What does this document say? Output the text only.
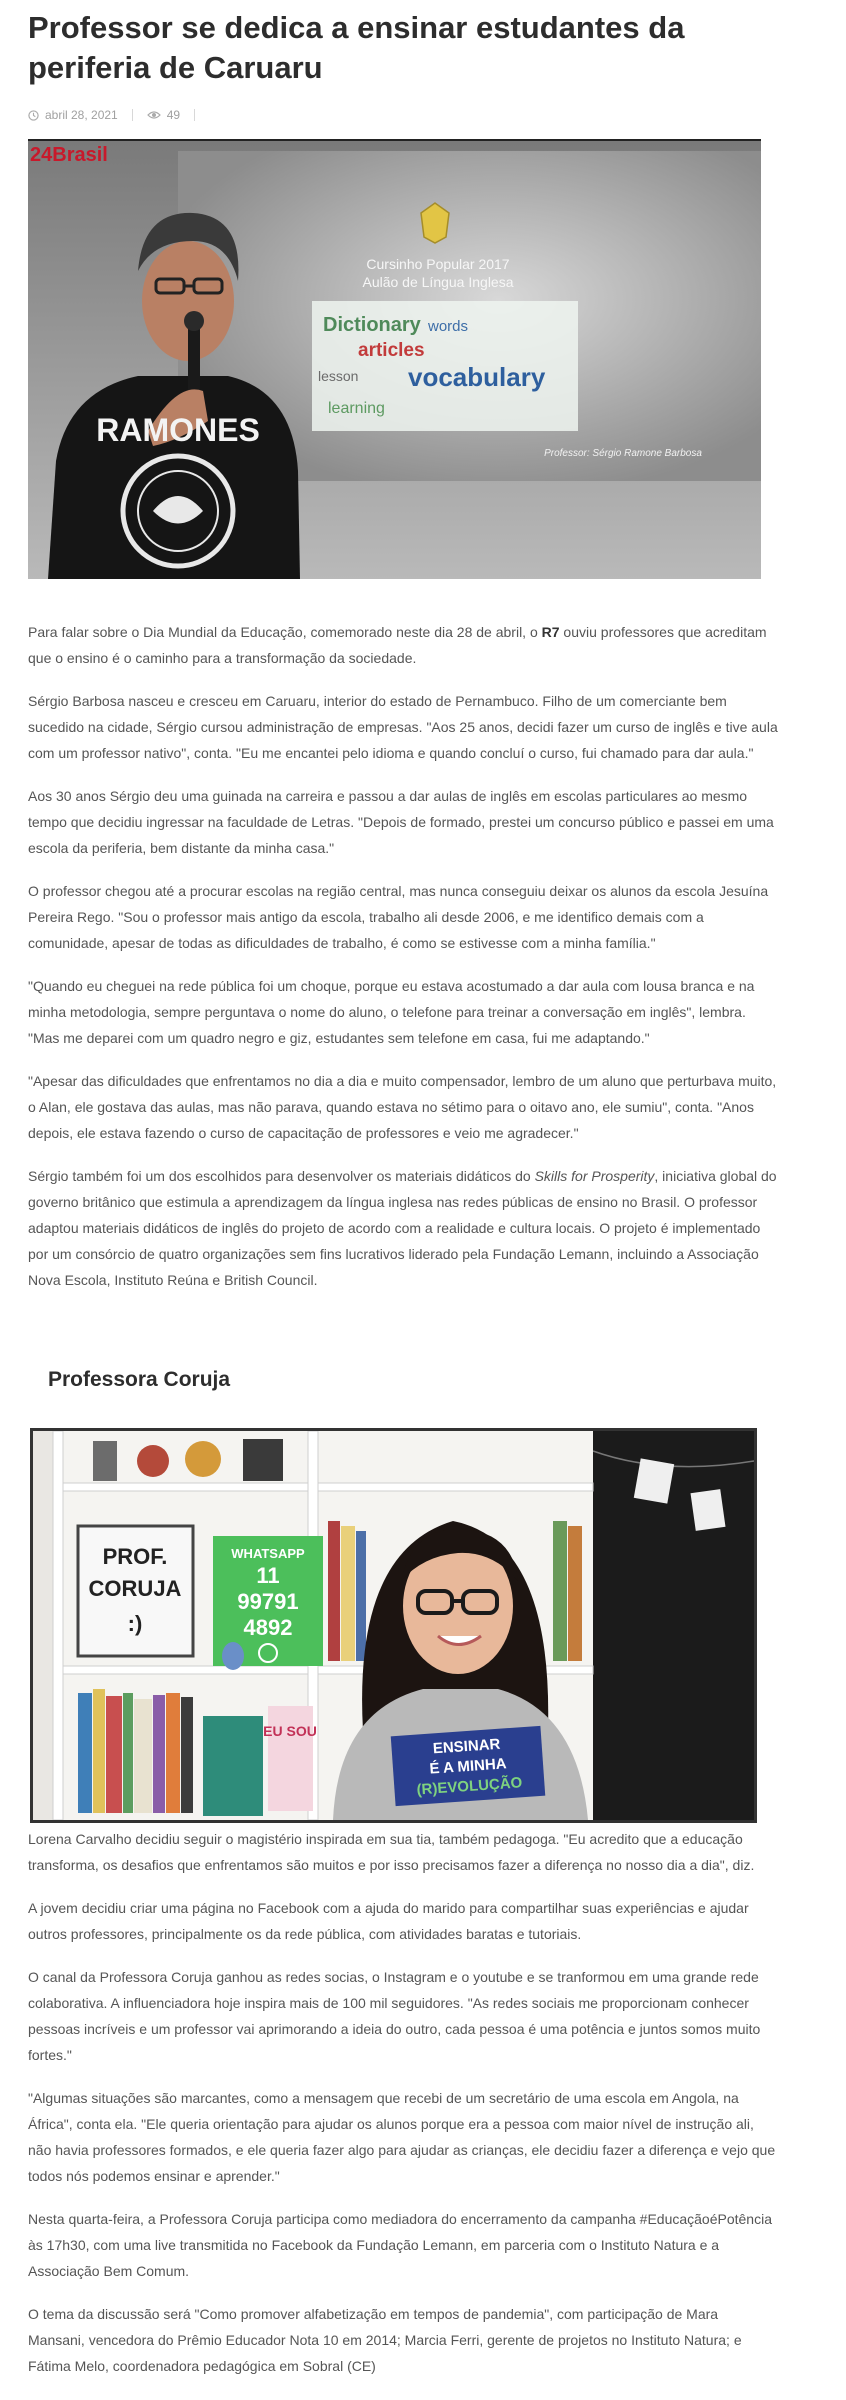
Professor se dedica a ensinar estudantes da periferia de Caruaru
abril 28, 2021	49
Cursinho Popular 2017
Aulão de Língua Inglesa
Dictionary words
articles
lesson vocabulary
learning
Professor: Sérgio Ramone Barbosa
RAMONES
24Brasil

Para falar sobre o Dia Mundial da Educação, comemorado neste dia 28 de abril, o R7 ouviu professores que acreditam que o ensino é o caminho para a transformação da sociedade.

Sérgio Barbosa nasceu e cresceu em Caruaru, interior do estado de Pernambuco. Filho de um comerciante bem sucedido na cidade, Sérgio cursou administração de empresas. "Aos 25 anos, decidi fazer um curso de inglês e tive aula com um professor nativo", conta. "Eu me encantei pelo idioma e quando concluí o curso, fui chamado para dar aula."

Aos 30 anos Sérgio deu uma guinada na carreira e passou a dar aulas de inglês em escolas particulares ao mesmo tempo que decidiu ingressar na faculdade de Letras. "Depois de formado, prestei um concurso público e passei em uma escola da periferia, bem distante da minha casa."

O professor chegou até a procurar escolas na região central, mas nunca conseguiu deixar os alunos da escola Jesuína Pereira Rego. "Sou o professor mais antigo da escola, trabalho ali desde 2006, e me identifico demais com a comunidade, apesar de todas as dificuldades de trabalho, é como se estivesse com a minha família."

"Quando eu cheguei na rede pública foi um choque, porque eu estava acostumado a dar aula com lousa branca e na minha metodologia, sempre perguntava o nome do aluno, o telefone para treinar a conversação em inglês", lembra. "Mas me deparei com um quadro negro e giz, estudantes sem telefone em casa, fui me adaptando."

"Apesar das dificuldades que enfrentamos no dia a dia e muito compensador, lembro de um aluno que perturbava muito, o Alan, ele gostava das aulas, mas não parava, quando estava no sétimo para o oitavo ano, ele sumiu", conta. "Anos depois, ele estava fazendo o curso de capacitação de professores e veio me agradecer."

Sérgio também foi um dos escolhidos para desenvolver os materiais didáticos do Skills for Prosperity, iniciativa global do governo britânico que estimula a aprendizagem da língua inglesa nas redes públicas de ensino no Brasil. O professor adaptou materiais didáticos de inglês do projeto de acordo com a realidade e cultura locais. O projeto é implementado por um consórcio de quatro organizações sem fins lucrativos liderado pela Fundação Lemann, incluindo a Associação Nova Escola, Instituto Reúna e British Council.

Professora Coruja
PROF.
CORUJA
:)
WHATSAPP
11
99791
4892
EU SOU
ENSINAR
É A MINHA
(R)EVOLUÇÃO

Lorena Carvalho decidiu seguir o magistério inspirada em sua tia, também pedagoga. "Eu acredito que a educação transforma, os desafios que enfrentamos são muitos e por isso precisamos fazer a diferença no nosso dia a dia", diz.

A jovem decidiu criar uma página no Facebook com a ajuda do marido para compartilhar suas experiências e ajudar outros professores, principalmente os da rede pública, com atividades baratas e tutoriais.

O canal da Professora Coruja ganhou as redes socias, o Instagram e o youtube e se tranformou em uma grande rede colaborativa. A influenciadora hoje inspira mais de 100 mil seguidores. "As redes sociais me proporcionam conhecer pessoas incríveis e um professor vai aprimorando a ideia do outro, cada pessoa é uma potência e juntos somos muito fortes."

"Algumas situações são marcantes, como a mensagem que recebi de um secretário de uma escola em Angola, na África", conta ela. "Ele queria orientação para ajudar os alunos porque era a pessoa com maior nível de instrução ali, não havia professores formados, e ele queria fazer algo para ajudar as crianças, ele decidiu fazer a diferença e vejo que todos nós podemos ensinar e aprender."

Nesta quarta-feira, a Professora Coruja participa como mediadora do encerramento da campanha #EducaçãoéPotência às 17h30, com uma live transmitida no Facebook da Fundação Lemann, em parceria com o Instituto Natura e a Associação Bem Comum.

O tema da discussão será "Como promover alfabetização em tempos de pandemia", com participação de Mara Mansani, vencedora do Prêmio Educador Nota 10 em 2014; Marcia Ferri, gerente de projetos no Instituto Natura; e Fátima Melo, coordenadora pedagógica em Sobral (CE)
